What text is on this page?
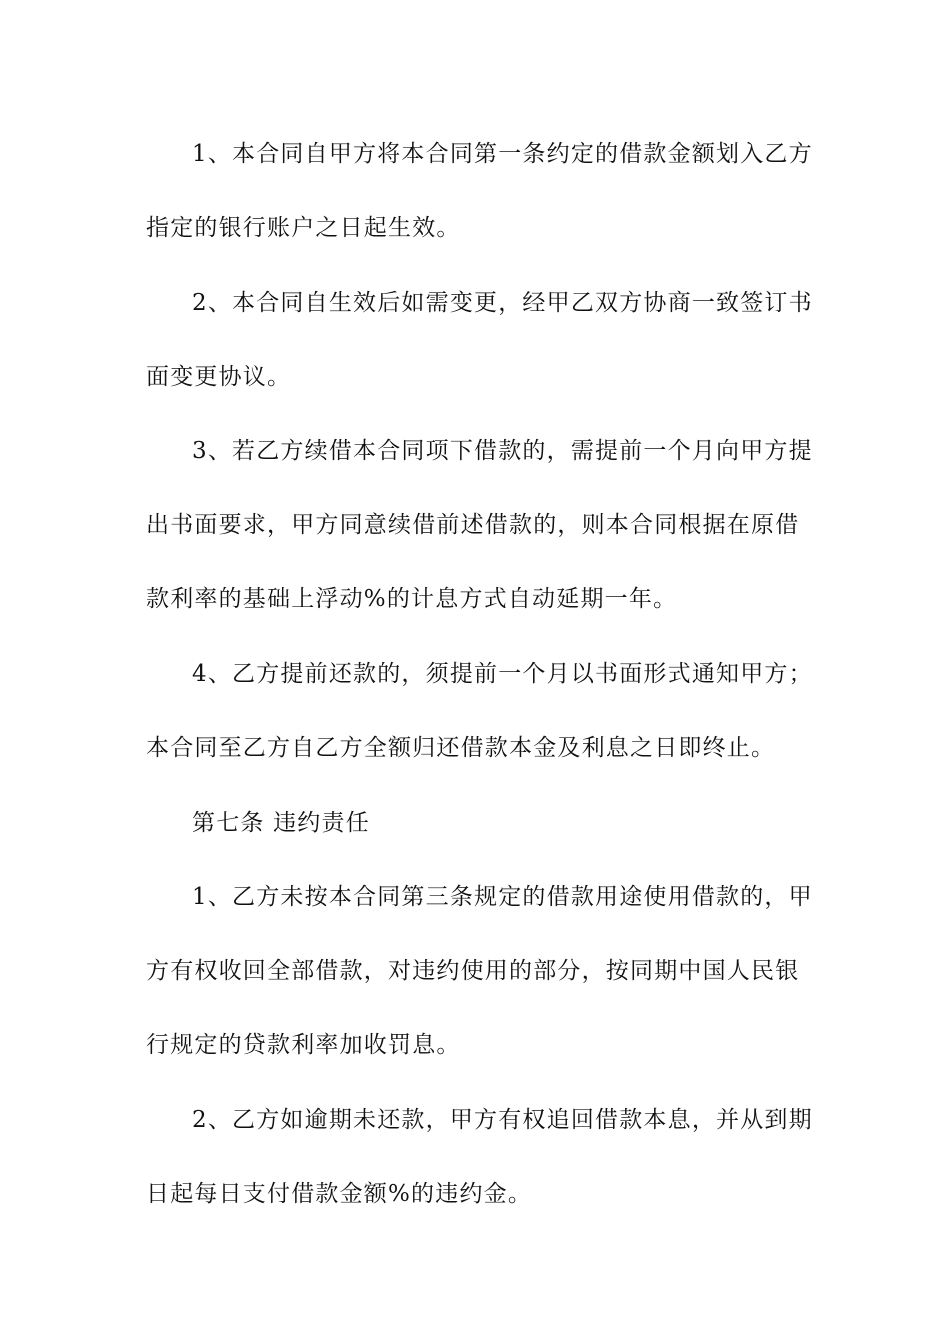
1、本合同自甲方将本合同第一条约定的借款金额划入乙方
指定的银行账户之日起生效。
2、本合同自生效后如需变更，经甲乙双方协商一致签订书
面变更协议。
3、若乙方续借本合同项下借款的，需提前一个月向甲方提
出书面要求，甲方同意续借前述借款的，则本合同根据在原借
款利率的基础上浮动%的计息方式自动延期一年。
4、乙方提前还款的，须提前一个月以书面形式通知甲方；
本合同至乙方自乙方全额归还借款本金及利息之日即终止。
第七条 违约责任
1、乙方未按本合同第三条规定的借款用途使用借款的，甲
方有权收回全部借款，对违约使用的部分，按同期中国人民银
行规定的贷款利率加收罚息。
2、乙方如逾期未还款，甲方有权追回借款本息，并从到期
日起每日支付借款金额%的违约金。
